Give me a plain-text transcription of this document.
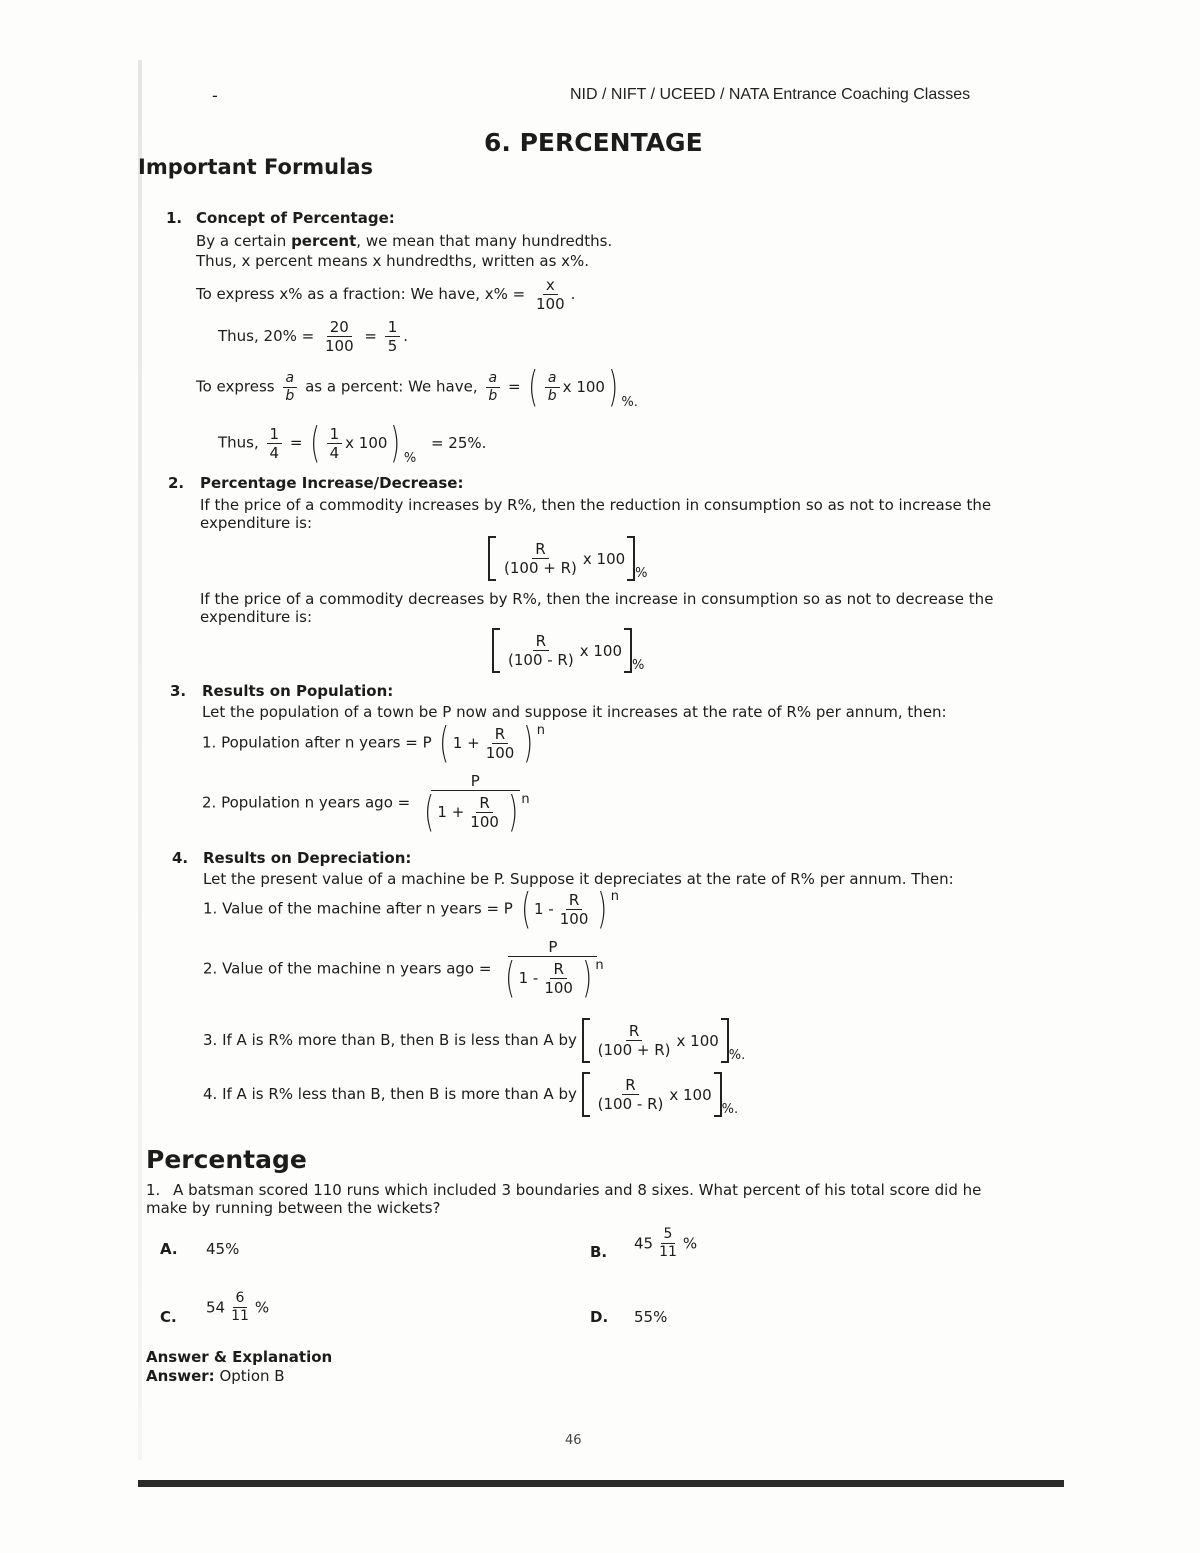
-	NID / NIFT / UCEED / NATA Entrance Coaching Classes
6. PERCENTAGE
Important Formulas
1. Concept of Percentage:
By a certain percent, we mean that many hundredths.
Thus, x percent means x hundredths, written as x%.
To express x% as a fraction: We have, $x\% = \frac{x}{100}$ .
Thus, $20\% = \frac{20}{100} = \frac{1}{5}$ .
To express $\frac{a}{b}$ as a percent: We have, $\frac{a}{b}$ = ( $\frac{a}{b}$ x 100 ) %.
Thus, $\frac{1}{4}$ = ( $\frac{1}{4}$ x 100 ) % = 25%.
2. Percentage Increase/Decrease:
If the price of a commodity increases by R%, then the reduction in consumption so as not to increase the
expenditure is:
$\frac{R}{(100 + R)}$ x 100
%
If the price of a commodity decreases by R%, then the increase in consumption so as not to decrease the
expenditure is:
$\frac{R}{(100 - R)}$ x 100
%
3. Results on Population:
Let the population of a town be P now and suppose it increases at the rate of R% per annum, then:
1. Population after n years = P ( $1 + \frac{R}{100}$ ) n
2. Population n years ago = $\frac{P}{( 1 + \frac{R}{100} ) n}$
4. Results on Depreciation:
Let the present value of a machine be P. Suppose it depreciates at the rate of R% per annum. Then:
1. Value of the machine after n years = P ( $1 - \frac{R}{100}$ ) n
2. Value of the machine n years ago = $\frac{P}{( 1 - \frac{R}{100} ) n}$
3. If A is R% more than B, then B is less than A by $\frac{R}{(100 + R)}$ x 100
%.
4. If A is R% less than B, then B is more than A by $\frac{R}{(100 - R)}$ x 100
%.
Percentage
1. A batsman scored 110 runs which included 3 boundaries and 8 sixes. What percent of his total score did he
make by running between the wickets?
A. 45%	B. $45 \frac{5}{11}$ %
C.
$54 \frac{6}{11}$ %
D. 55%
Answer & Explanation
Answer: Option B
46
